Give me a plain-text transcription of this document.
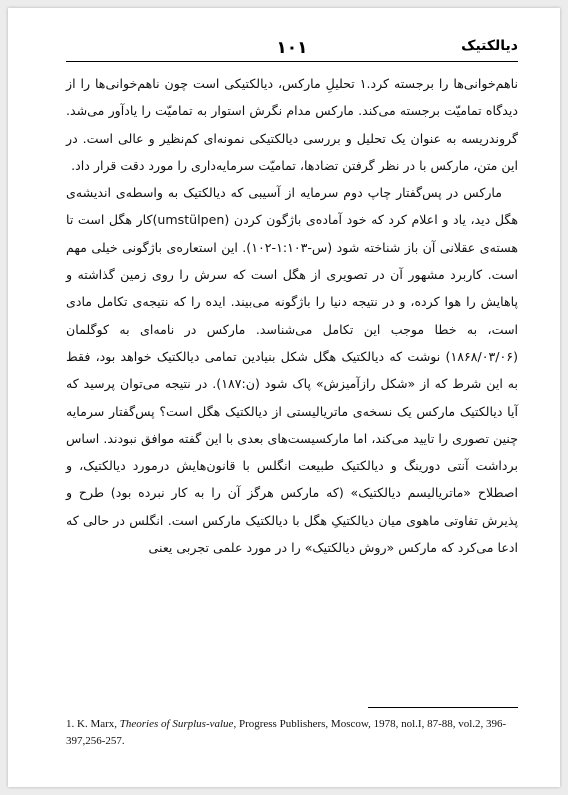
۱۰۱	دیالکتیک

ناهم‌خوانی‌ها را برجسته کرد.۱ تحلیلِ مارکس، دیالکتیکی است چون ناهم‌خوانی‌ها را از دیدگاه تمامیّت برجسته می‌کند. مارکس مدام نگرش استوار به تمامیّت را یادآور می‌شد. گروندریسه به عنوان یک تحلیل و بررسی دیالکتیکی نمونه‌ای کم‌نظیر و عالی است. در این متن، مارکس با در نظر گرفتن تضادها، تمامیّت سرمایه‌داری را مورد دقت قرار داد.

مارکس در پس‌گفتار چاپ دوم سرمایه از آسیبی که دیالکتیک به واسطه‌ی اندیشه‌ی هگل دید، یاد و اعلام کرد که خود آماده‌ی باژگون کردن (umstülpen)کار هگل است تا هسته‌ی عقلانی آن باز شناخته شود (س-۱:۱۰۳-۱۰۲). این استعاره‌ی باژگونی خیلی مهم است. کاربرد مشهور آن در تصویری از هگل است که سرش را روی زمین گذاشته و پاهایش را هوا کرده، و در نتیجه دنیا را باژگونه می‌بیند. ایده را که نتیجه‌ی تکامل مادی است، به خطا موجب این تکامل می‌شناسد. مارکس در نامه‌ای به کوگلمان (۱۸۶۸/۰۳/۰۶) نوشت که دیالکتیک هگل شکل بنیادین تمامی دیالکتیک خواهد بود، فقط به این شرط که از «شکل رازآمیزش» پاک شود (ن:۱۸۷). در نتیجه می‌توان پرسید که آیا دیالکتیک مارکس یک نسخه‌ی ماتریالیستی از دیالکتیک هگل است؟ پس‌گفتار سرمایه چنین تصوری را تایید می‌کند، اما مارکسیست‌های بعدی با این گفته موافق نبودند. اساس برداشت آنتی دورینگ و دیالکتیک طبیعت انگلس با قانون‌هایش درمورد دیالکتیک، و اصطلاح «ماتریالیسم دیالکتیک» (که مارکس هرگز آن را به کار نبرده بود) طرح و پذیرش تفاوتی ماهوی میان دیالکتیکِ هگل با دیالکتیک مارکس است. انگلس در حالی که ادعا می‌کرد که مارکس «روش دیالکتیک» را در مورد علمی تجربی یعنی

1. K. Marx, Theories of Surplus-value, Progress Publishers, Moscow, 1978, nol.I, 87-88, vol.2, 396-397,256-257.
